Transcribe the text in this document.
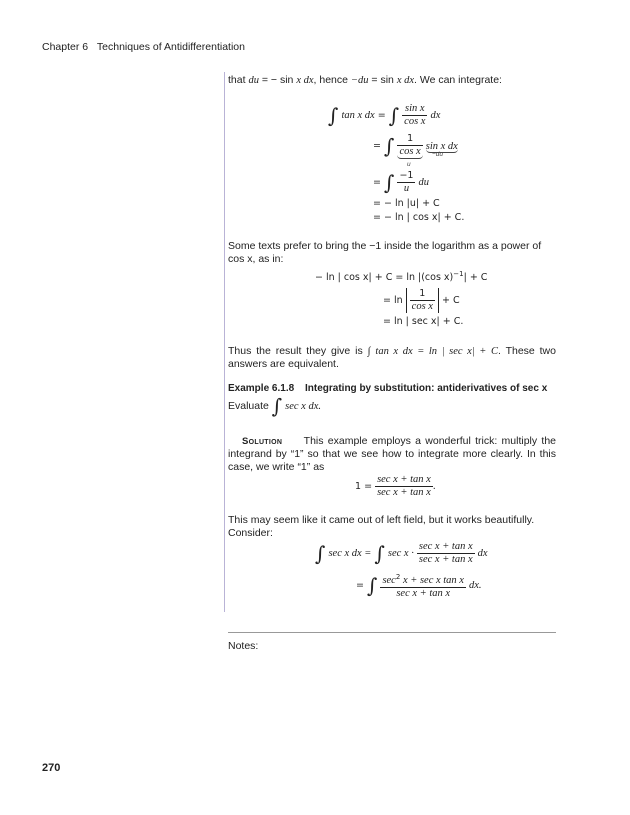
Chapter 6 Techniques of Antidifferentiation
that du = − sin x dx, hence −du = sin x dx. We can integrate:
∫ tan x dx = ∫ $\frac{\text{sin x}}{\text{cos x}}$ dx
= ∫ $\frac{1}{\text{cos x}}$ sin x dx
u
−du
= ∫ $\frac{-1}{u}$ du
= − ln |u| + C
= − ln | cos x| + C.
Some texts prefer to bring the −1 inside the logarithm as a power of cos x, as in:
− ln | cos x| + C = ln |(cos x)$^{-1}$| + C
= $\ln \frac{1}{\text{cos x}} + C$
= ln | sec x| + C.
Thus the result they give is ∫ tan x dx = ln | sec x| + C. These two answers are equivalent.
Example 6.1.8 Integrating by substitution: antiderivatives of sec x
Evaluate ∫ sec x dx.
Solution This example employs a wonderful trick: multiply the integrand by “1” so that we see how to integrate more clearly. In this case, we write “1” as
$1 = \frac{\text{sec x + tan x}}{\text{sec x + tan x}}$ .
This may seem like it came out of left field, but it works beautifully. Consider:
∫ sec x dx = ∫ $\sec x \cdot \frac{\text{sec x + tan x}}{\text{sec x + tan x}}$ dx
= ∫ $\frac{\sec^2 x + \sec x \tan x}{\text{sec x + tan x}}$ dx.
Notes:
270
